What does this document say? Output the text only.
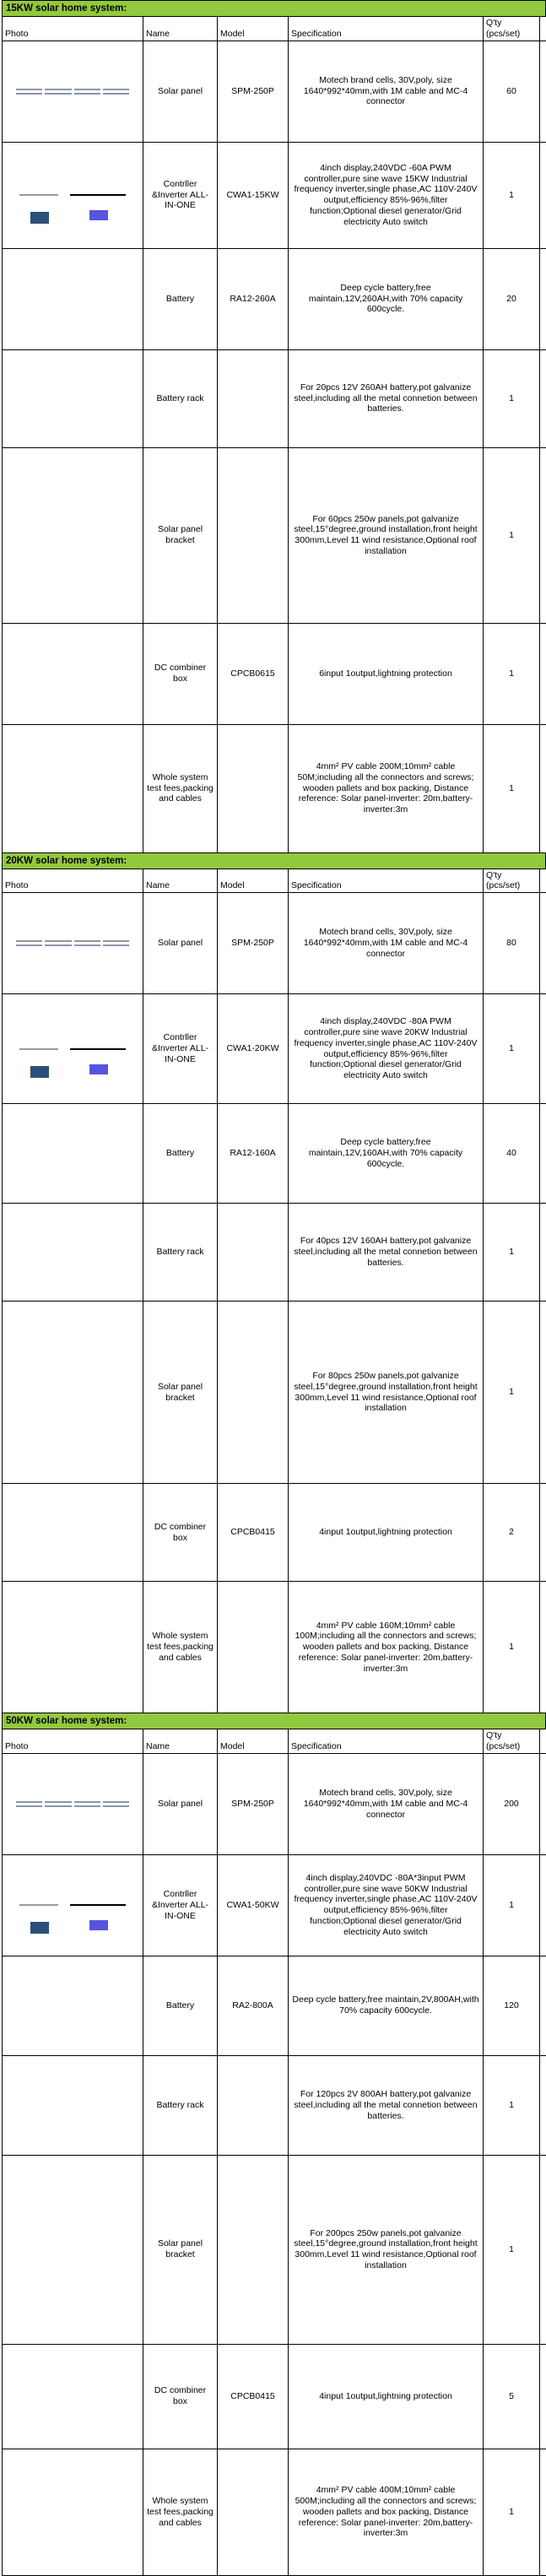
15KW solar home system:					
Photo	Name	Model	Specification	Q'ty (pcs/set)	

	Solar panel	SPM-250P	Motech brand cells, 30V,poly, size 1640*992*40mm,with 1M cable and MC-4 connector	60	

	Contrller &Inverter ALL-IN-ONE	CWA1-15KW	4inch display,240VDC -60A PWM controller,pure sine wave 15KW Industrial frequency inverter,single phase,AC 110V-240V output,efficiency 85%-96%,filter function;Optional diesel generator/Grid electricity Auto switch	1	

	Battery	RA12-260A	Deep cycle battery,free maintain,12V,260AH,with 70% capacity 600cycle.	20	

	Battery rack		For 20pcs 12V 260AH battery,pot galvanize steel,including all the metal connetion between batteries.	1	

	Solar panel bracket		For 60pcs 250w panels,pot galvanize steel,15°degree,ground installation,front height 300mm,Level 11 wind resistance,Optional roof installation	1	

	DC combiner box	CPCB0615	6input 1output,lightning protection	1	

	Whole system test fees,packing and cables		4mm² PV cable 200M;10mm² cable 50M;including all the connectors and screws; wooden pallets and box packing, Distance reference: Solar panel-inverter: 20m,battery-inverter:3m	1	
20KW solar home system:					
Photo	Name	Model	Specification	Q'ty (pcs/set)	

	Solar panel	SPM-250P	Motech brand cells, 30V,poly, size 1640*992*40mm,with 1M cable and MC-4 connector	80	

	Contrller &Inverter ALL-IN-ONE	CWA1-20KW	4inch display,240VDC -80A PWM controller,pure sine wave 20KW Industrial frequency inverter,single phase,AC 110V-240V output,efficiency 85%-96%,filter function;Optional diesel generator/Grid electricity Auto switch	1	

	Battery	RA12-160A	Deep cycle battery,free maintain,12V,160AH,with 70% capacity 600cycle.	40	

	Battery rack		For 40pcs 12V 160AH battery,pot galvanize steel,including all the metal connetion between batteries.	1	

	Solar panel bracket		For 80pcs 250w panels,pot galvanize steel,15°degree,ground installation,front height 300mm,Level 11 wind resistance,Optional roof installation	1	

	DC combiner box	CPCB0415	4input 1output,lightning protection	2	

	Whole system test fees,packing and cables		4mm² PV cable 160M;10mm² cable 100M;including all the connectors and screws; wooden pallets and box packing, Distance reference: Solar panel-inverter: 20m,battery-inverter:3m	1	
50KW solar home system:					
Photo	Name	Model	Specification	Q'ty (pcs/set)	

	Solar panel	SPM-250P	Motech brand cells, 30V,poly, size 1640*992*40mm,with 1M cable and MC-4 connector	200	

	Contrller &Inverter ALL-IN-ONE	CWA1-50KW	4inch display,240VDC -80A*3input PWM controller,pure sine wave 50KW Industrial frequency inverter,single phase,AC 110V-240V output,efficiency 85%-96%,filter function;Optional diesel generator/Grid electricity Auto switch	1	

	Battery	RA2-800A	Deep cycle battery,free maintain,2V,800AH,with 70% capacity 600cycle.	120	

	Battery rack		For 120pcs 2V 800AH battery,pot galvanize steel,including all the metal connetion between batteries.	1	

	Solar panel bracket		For 200pcs 250w panels,pot galvanize steel,15°degree,ground installation,front height 300mm,Level 11 wind resistance,Optional roof installation	1	

	DC combiner box	CPCB0415	4input 1output,lightning protection	5	

	Whole system test fees,packing and cables		4mm² PV cable 400M;10mm² cable 500M;including all the connectors and screws; wooden pallets and box packing, Distance reference: Solar panel-inverter: 20m,battery-inverter:3m	1	
